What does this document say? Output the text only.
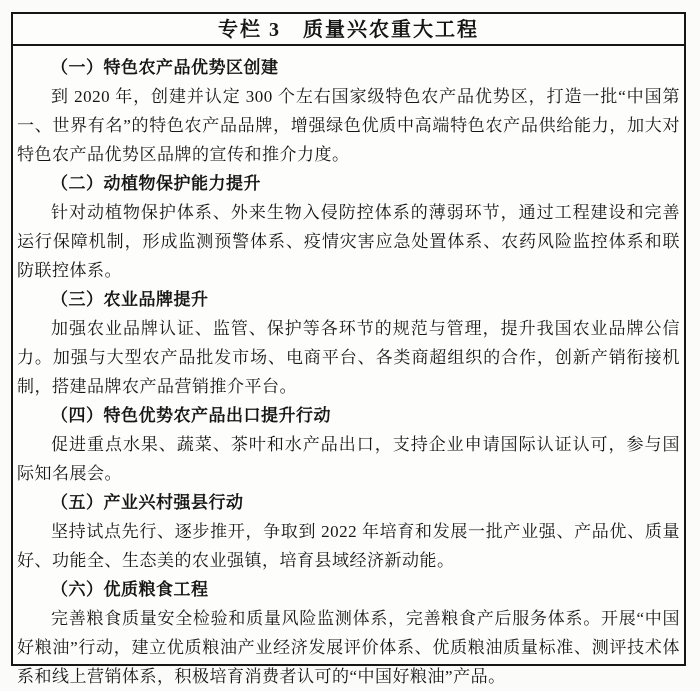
专栏 3　质量兴农重大工程

（一）特色农产品优势区创建

到 2020 年，创建并认定 300 个左右国家级特色农产品优势区，打造一批“中国第一、世界有名”的特色农产品品牌，增强绿色优质中高端特色农产品供给能力，加大对特色农产品优势区品牌的宣传和推介力度。

（二）动植物保护能力提升

针对动植物保护体系、外来生物入侵防控体系的薄弱环节，通过工程建设和完善运行保障机制，形成监测预警体系、疫情灾害应急处置体系、农药风险监控体系和联防联控体系。

（三）农业品牌提升

加强农业品牌认证、监管、保护等各环节的规范与管理，提升我国农业品牌公信力。加强与大型农产品批发市场、电商平台、各类商超组织的合作，创新产销衔接机制，搭建品牌农产品营销推介平台。

（四）特色优势农产品出口提升行动

促进重点水果、蔬菜、茶叶和水产品出口，支持企业申请国际认证认可，参与国际知名展会。

（五）产业兴村强县行动

坚持试点先行、逐步推开，争取到 2022 年培育和发展一批产业强、产品优、质量好、功能全、生态美的农业强镇，培育县域经济新动能。

（六）优质粮食工程

完善粮食质量安全检验和质量风险监测体系，完善粮食产后服务体系。开展“中国好粮油”行动，建立优质粮油产业经济发展评价体系、优质粮油质量标准、测评技术体系和线上营销体系，积极培育消费者认可的“中国好粮油”产品。
